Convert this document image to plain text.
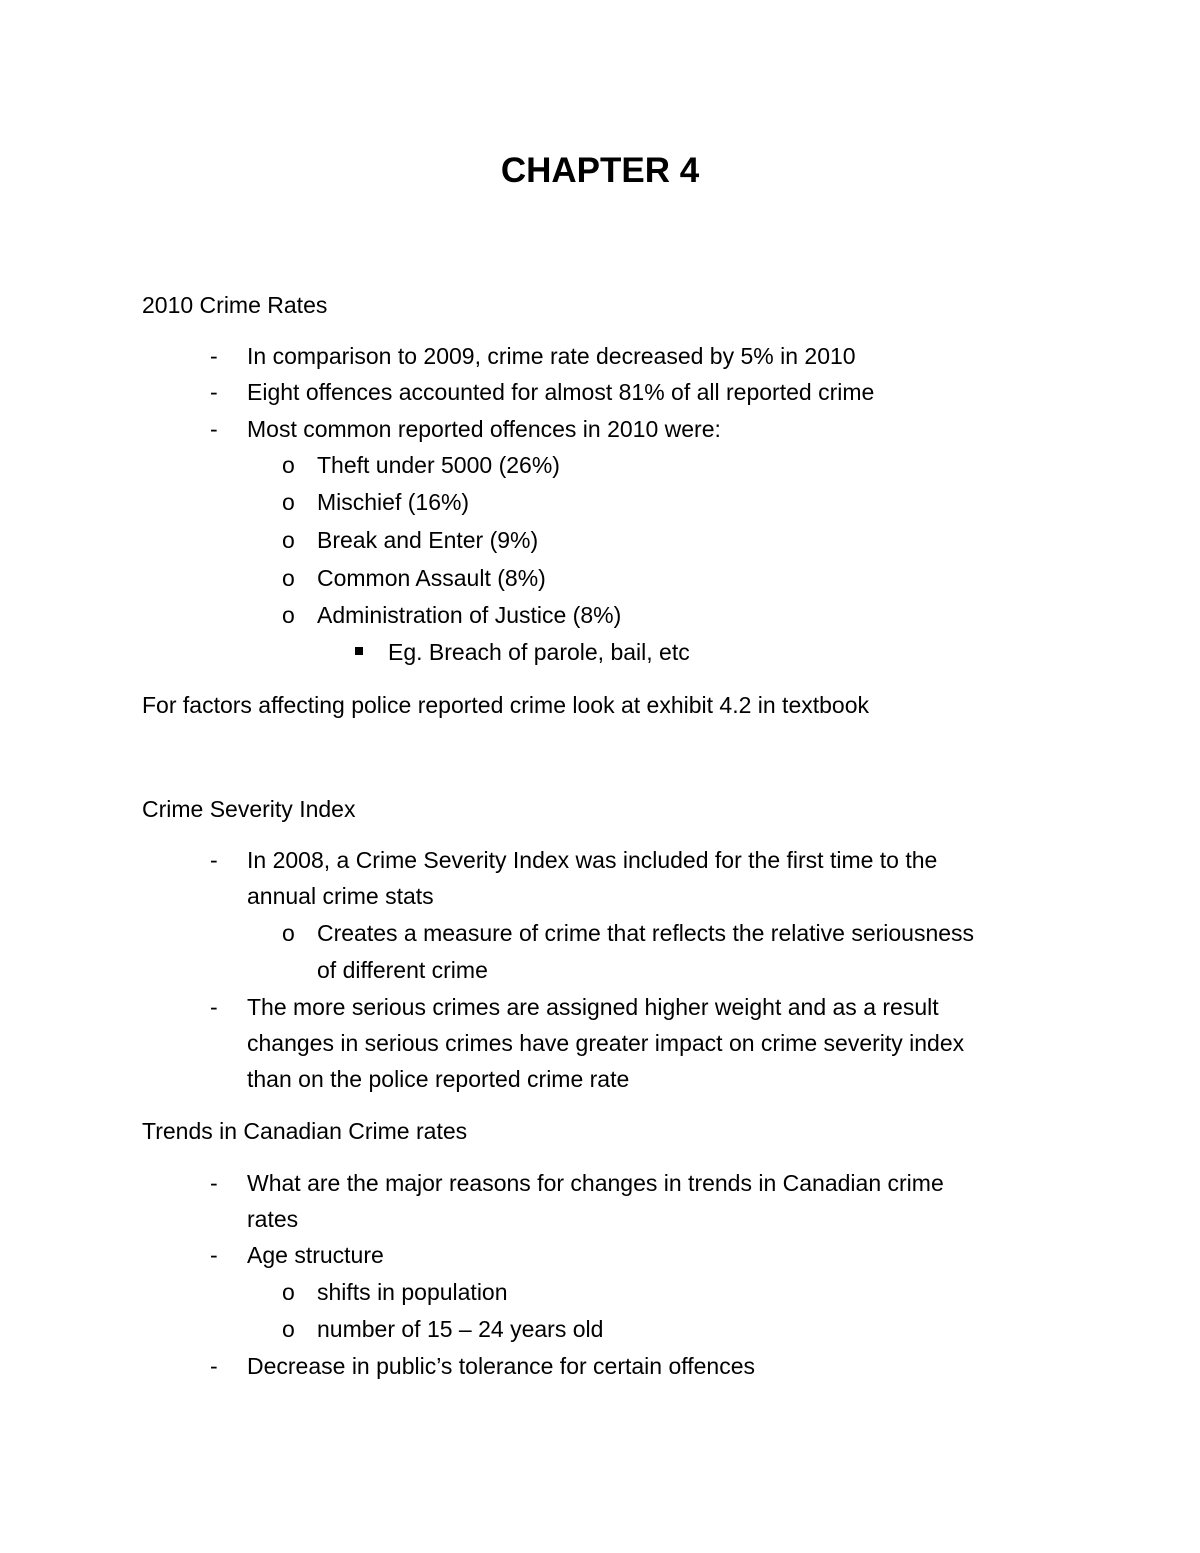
CHAPTER 4
2010 Crime Rates
- In comparison to 2009, crime rate decreased by 5% in 2010
- Eight offences accounted for almost 81% of all reported crime
- Most common reported offences in 2010 were:
o Theft under 5000 (26%)
o Mischief (16%)
o Break and Enter (9%)
o Common Assault (8%)
o Administration of Justice (8%)
Eg. Breach of parole, bail, etc
For factors affecting police reported crime look at exhibit 4.2 in textbook
Crime Severity Index
- In 2008, a Crime Severity Index was included for the first time to the
annual crime stats
o Creates a measure of crime that reflects the relative seriousness
of different crime
- The more serious crimes are assigned higher weight and as a result
changes in serious crimes have greater impact on crime severity index
than on the police reported crime rate
Trends in Canadian Crime rates
- What are the major reasons for changes in trends in Canadian crime
rates
- Age structure
o shifts in population
o number of 15 – 24 years old
- Decrease in public’s tolerance for certain offences
